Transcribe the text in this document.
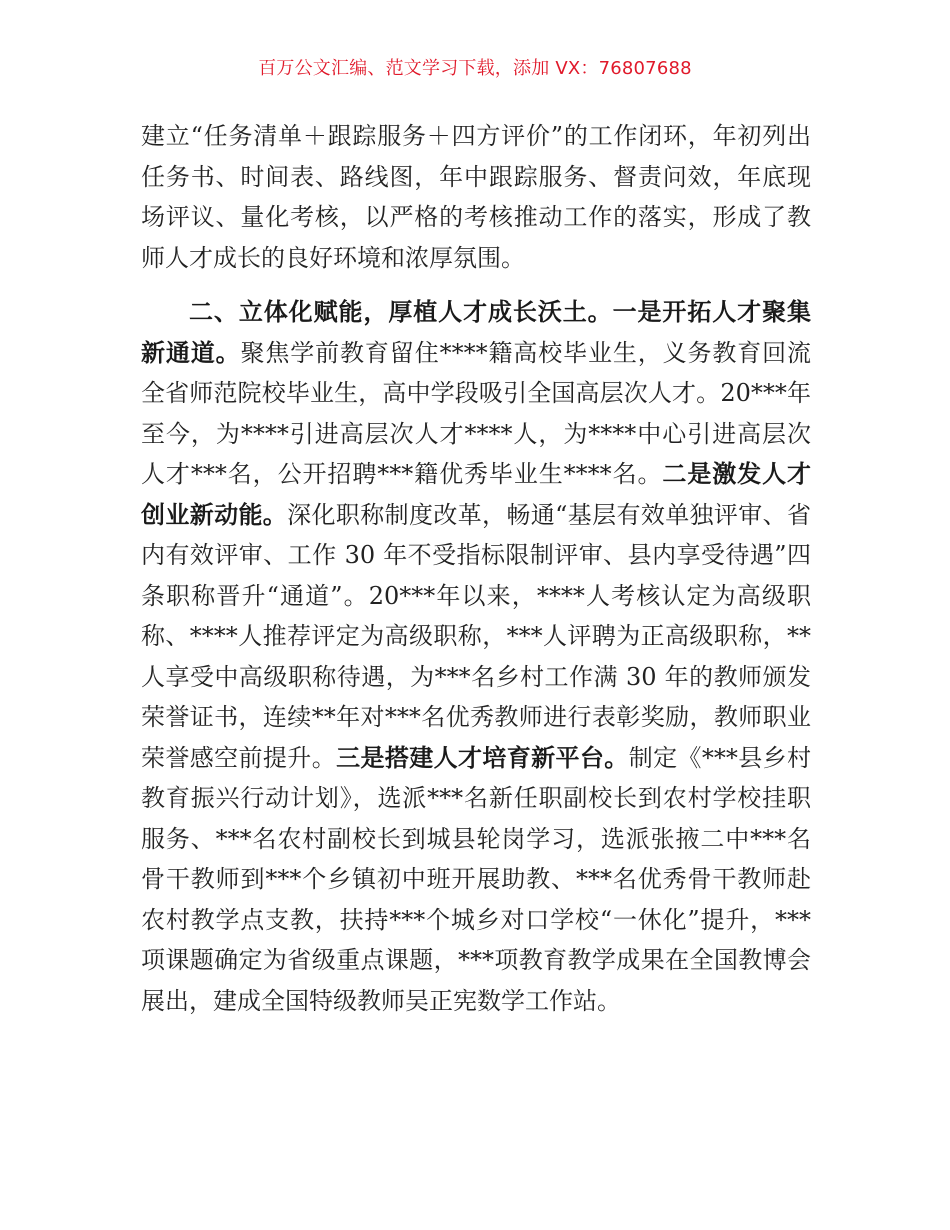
百万公文汇编、范文学习下载，添加 VX：76807688

建立“任务清单＋跟踪服务＋四方评价”的工作闭环，年初列出任务书、时间表、路线图，年中跟踪服务、督责问效，年底现场评议、量化考核，以严格的考核推动工作的落实，形成了教师人才成长的良好环境和浓厚氛围。

二、立体化赋能，厚植人才成长沃土。一是开拓人才聚集新通道。聚焦学前教育留住****籍高校毕业生，义务教育回流全省师范院校毕业生，高中学段吸引全国高层次人才。20***年至今，为****引进高层次人才****人，为****中心引进高层次人才***名，公开招聘***籍优秀毕业生****名。二是激发人才创业新动能。深化职称制度改革，畅通“基层有效单独评审、省内有效评审、工作 30 年不受指标限制评审、县内享受待遇”四条职称晋升“通道”。20***年以来，****人考核认定为高级职称、****人推荐评定为高级职称，***人评聘为正高级职称，**人享受中高级职称待遇，为***名乡村工作满 30 年的教师颁发荣誉证书，连续**年对***名优秀教师进行表彰奖励，教师职业荣誉感空前提升。三是搭建人才培育新平台。制定《***县乡村教育振兴行动计划》，选派***名新任职副校长到农村学校挂职服务、***名农村副校长到城县轮岗学习，选派张掖二中***名骨干教师到***个乡镇初中班开展助教、***名优秀骨干教师赴农村教学点支教，扶持***个城乡对口学校“一休化”提升，***项课题确定为省级重点课题，***项教育教学成果在全国教博会展出，建成全国特级教师吴正宪数学工作站。
